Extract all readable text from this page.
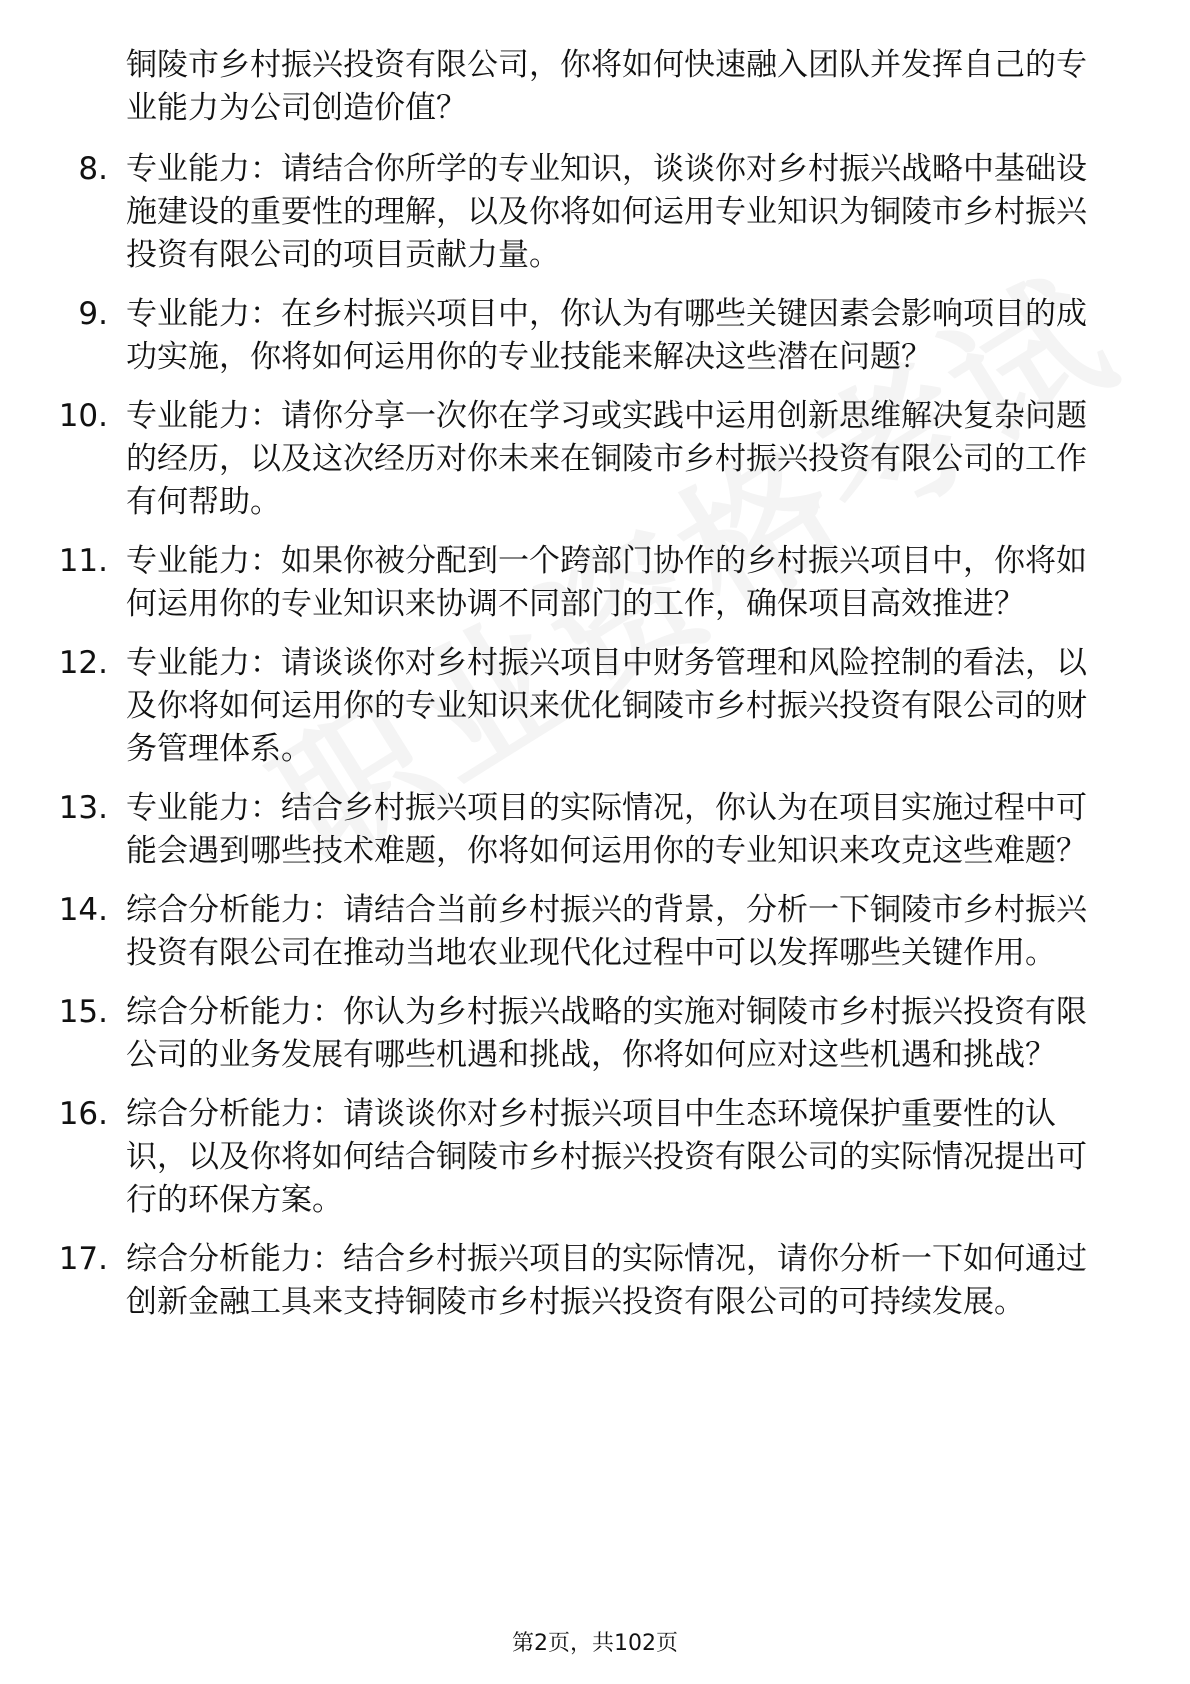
铜陵市乡村振兴投资有限公司，你将如何快速融入团队并发挥自己的专业能力为公司创造价值？
8. 专业能力：请结合你所学的专业知识，谈谈你对乡村振兴战略中基础设施建设的重要性的理解，以及你将如何运用专业知识为铜陵市乡村振兴投资有限公司的项目贡献力量。
9. 专业能力：在乡村振兴项目中，你认为有哪些关键因素会影响项目的成功实施，你将如何运用你的专业技能来解决这些潜在问题？
10. 专业能力：请你分享一次你在学习或实践中运用创新思维解决复杂问题的经历，以及这次经历对你未来在铜陵市乡村振兴投资有限公司的工作有何帮助。
11. 专业能力：如果你被分配到一个跨部门协作的乡村振兴项目中，你将如何运用你的专业知识来协调不同部门的工作，确保项目高效推进？
12. 专业能力：请谈谈你对乡村振兴项目中财务管理和风险控制的看法，以及你将如何运用你的专业知识来优化铜陵市乡村振兴投资有限公司的财务管理体系。
13. 专业能力：结合乡村振兴项目的实际情况，你认为在项目实施过程中可能会遇到哪些技术难题，你将如何运用你的专业知识来攻克这些难题？
14. 综合分析能力：请结合当前乡村振兴的背景，分析一下铜陵市乡村振兴投资有限公司在推动当地农业现代化过程中可以发挥哪些关键作用。
15. 综合分析能力：你认为乡村振兴战略的实施对铜陵市乡村振兴投资有限公司的业务发展有哪些机遇和挑战，你将如何应对这些机遇和挑战？
16. 综合分析能力：请谈谈你对乡村振兴项目中生态环境保护重要性的认识，以及你将如何结合铜陵市乡村振兴投资有限公司的实际情况提出可行的环保方案。
17. 综合分析能力：结合乡村振兴项目的实际情况，请你分析一下如何通过创新金融工具来支持铜陵市乡村振兴投资有限公司的可持续发展。
第2页，共102页
